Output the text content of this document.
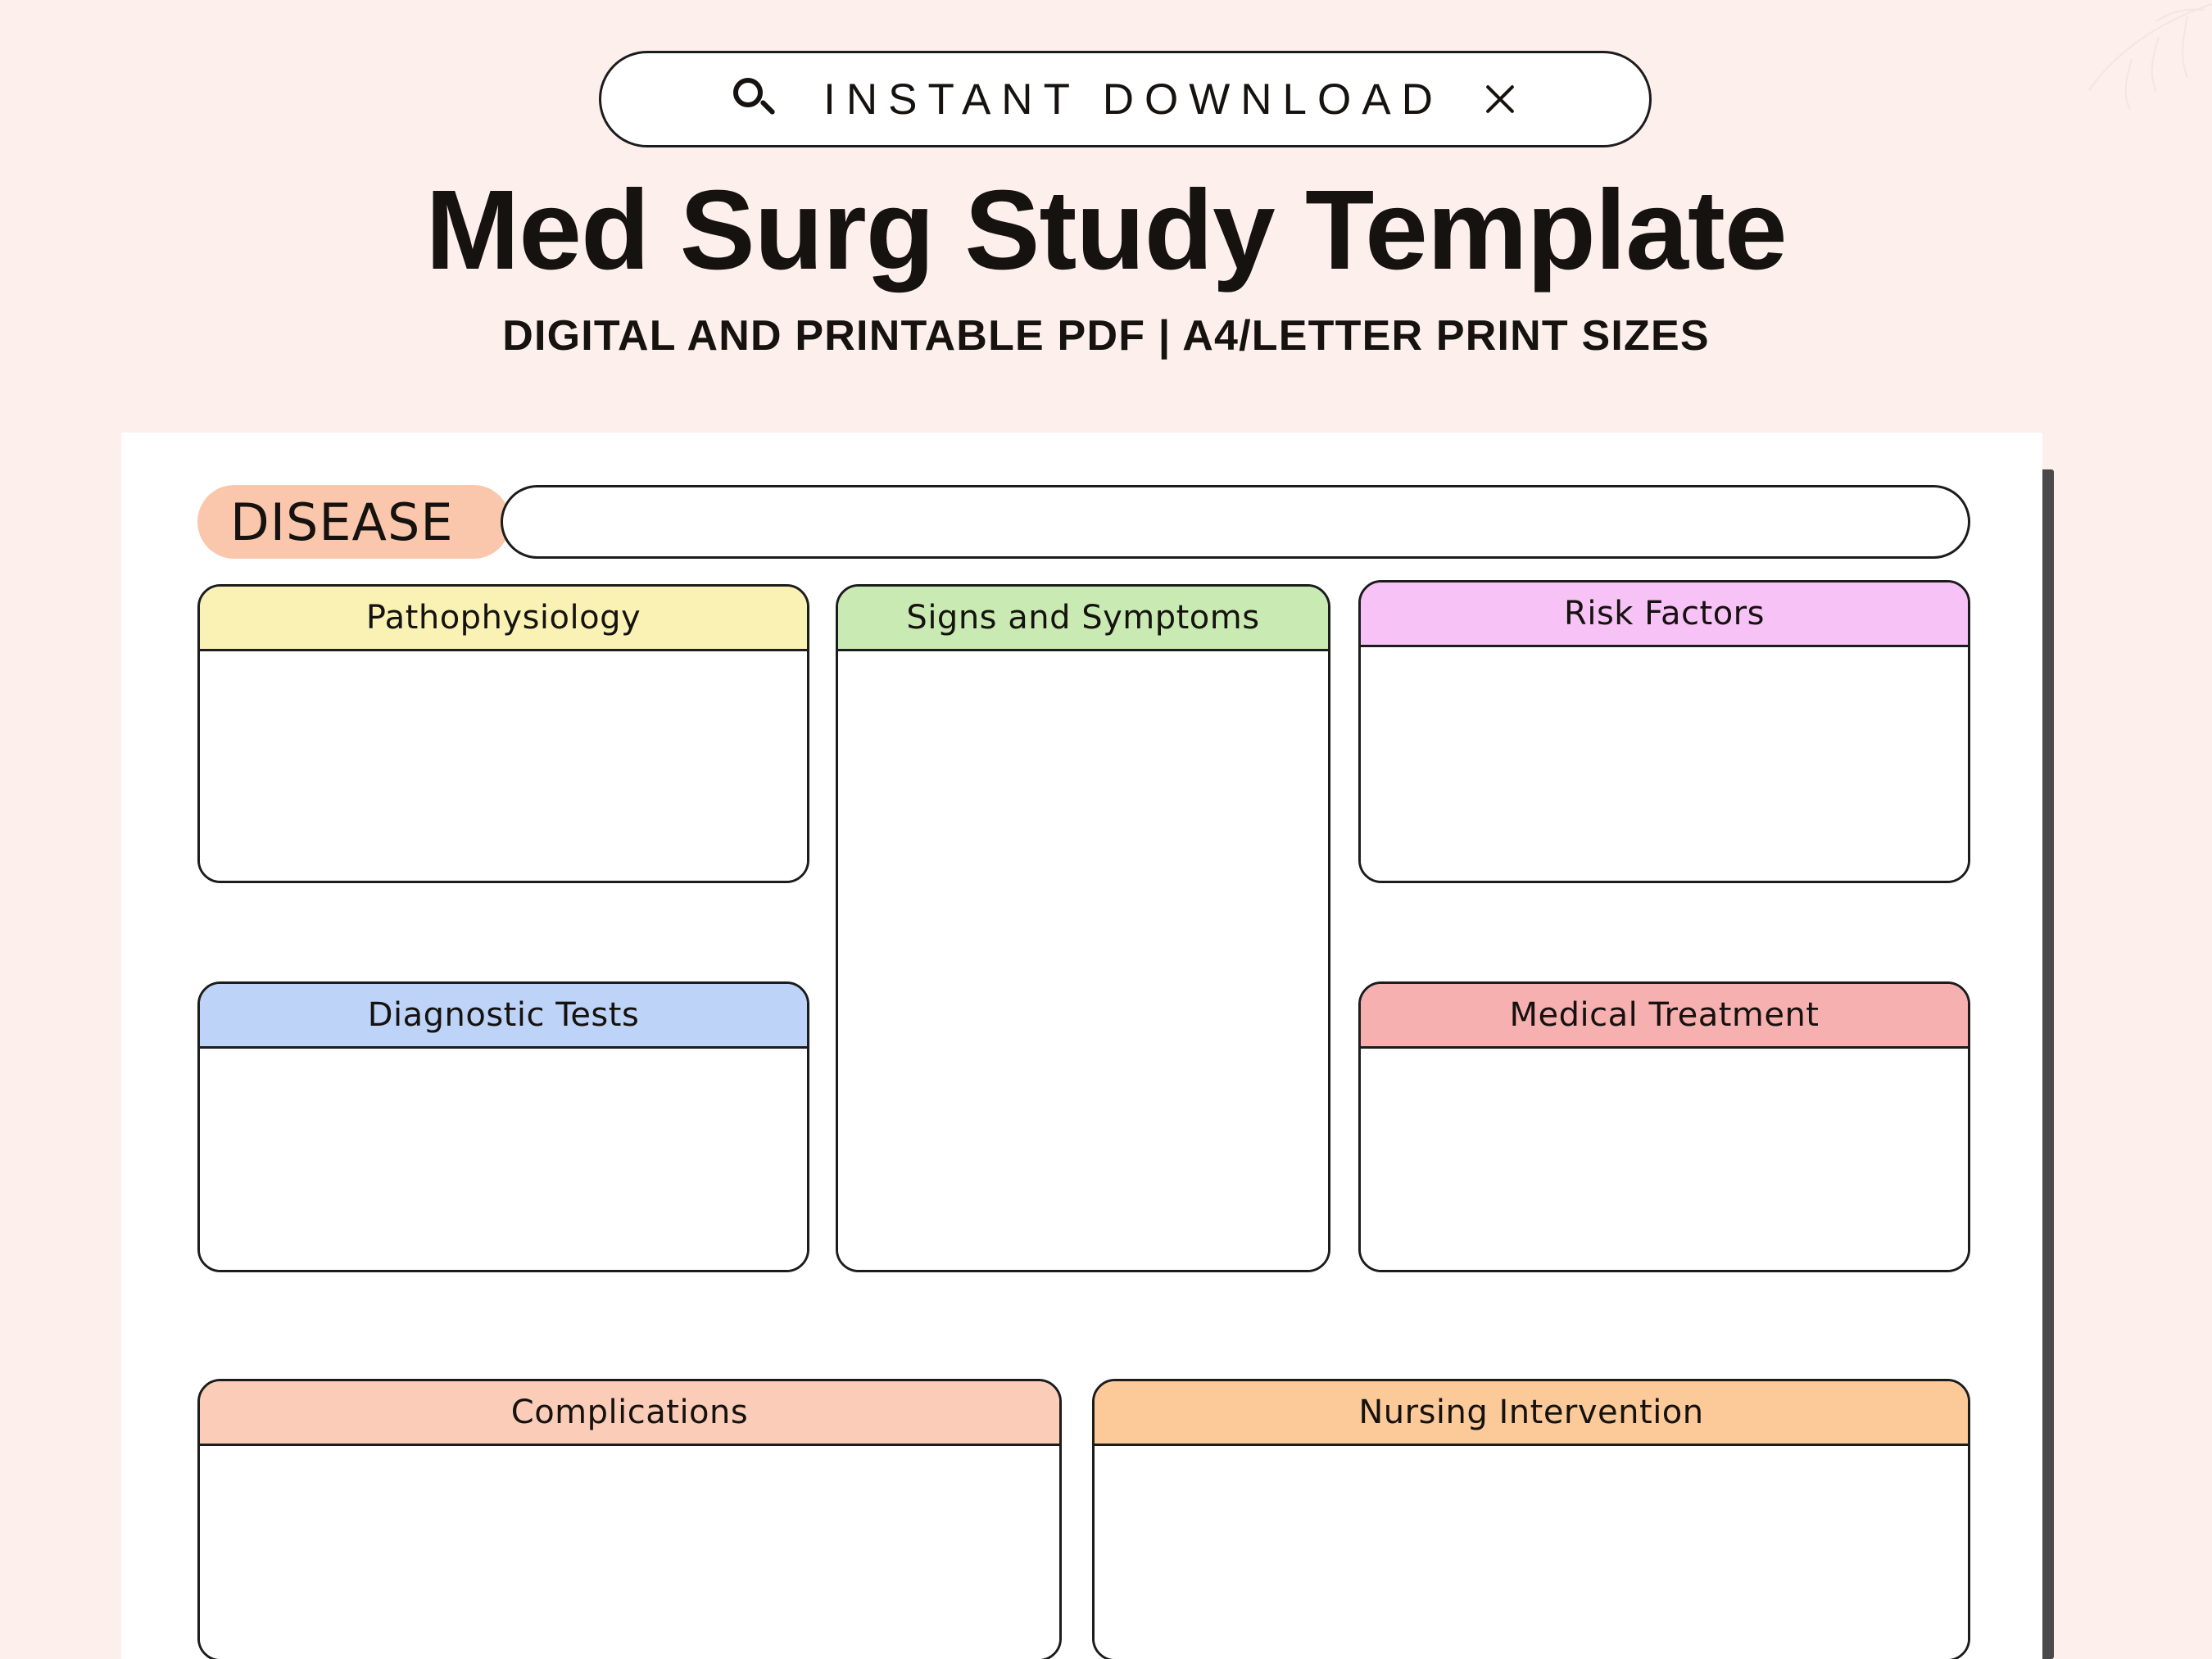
INSTANT DOWNLOAD
Med Surg Study Template
DIGITAL AND PRINTABLE PDF | A4/LETTER PRINT SIZES
DISEASE
Pathophysiology	Signs and Symptoms	Risk Factors
Diagnostic Tests	Medical Treatment
Complications	Nursing Intervention
